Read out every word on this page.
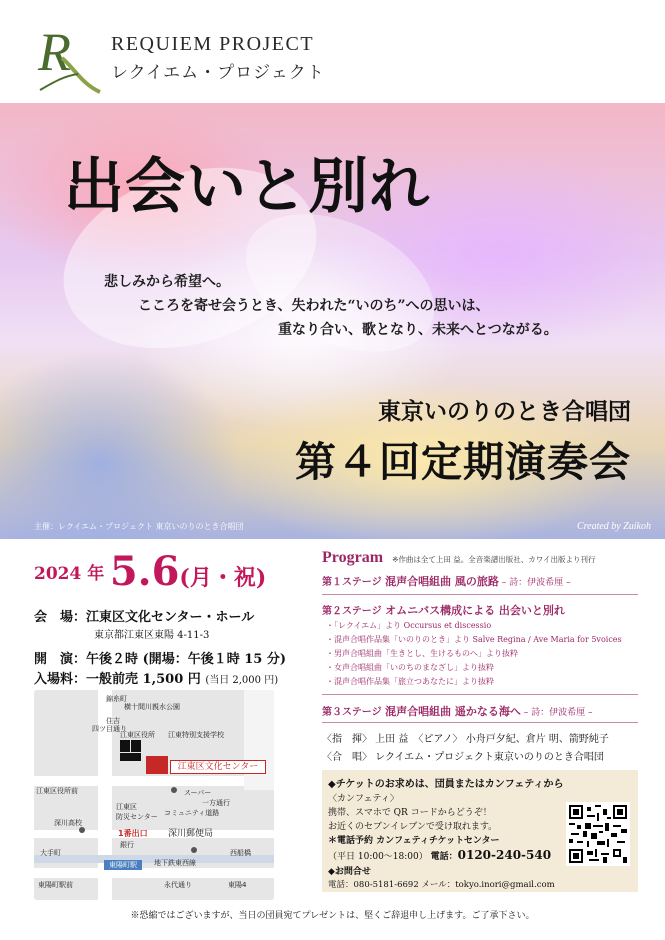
R REQUIEM PROJECT
レクイエム・プロジェクト
出会いと別れ
悲しみから希望へ。
こころを寄せ会うとき、失われた“いのち”への思いは、
重なり合い、歌となり、未来へとつながる。
東京いのりのとき合唱団
第４回定期演奏会
主催：レクイエム・プロジェクト 東京いのりのとき合唱団	Created by Zuikoh
2024 年 5.6(月・祝)
会　場：江東区文化センター・ホール
東京都江東区東陽 4-11-3
開　演：午後２時 (開場：午後１時 15 分)
入場料：一般前売 1,500 円 (当日 2,000 円)
横十間川親水公園
錦糸町
住吉
四ツ目通り
江東区役所 江東特別支援学校
江東区文化センター
江東区役所前	スーパー
一方通行
深川高校
江東区
防災センター コミュニティ道路
1番出口
銀行
深川郵便局
西船橋
大手町
東陽町駅	地下鉄東西線
永代通り
東陽町駅前	東陽4
Program ※作曲は全て上田 益。全音楽譜出版社、カワイ出版より刊行
第１ステージ 混声合唱組曲 風の旅路 – 詩：伊波希厘 –
第２ステージ オムニバス構成による 出会いと別れ
・「レクイエム」より Occursus et discessio
・混声合唱作品集「いのりのとき」より Salve Regina / Ave Maria for 5voices
・男声合唱組曲「生きとし、生けるものへ」より抜粋
・女声合唱組曲「いのちのまなざし」より抜粋
・混声合唱作品集「旅立つあなたに」より抜粋
第３ステージ 混声合唱組曲 遥かなる海へ – 詩：伊波希厘 –
〈指　揮〉 上田 益　〈ピアノ〉 小舟戸夕紀、倉片 明、箭野純子
〈合　唱〉 レクイエム・プロジェクト東京いのりのとき合唱団
◆チケットのお求めは、団員またはカンフェティから
〈カンフェティ〉
携帯、スマホで QR コードからどうぞ！
お近くのセブンイレブンで受け取れます。
＊電話予約 カンフェティチケットセンター
（平日 10:00～18:00） 電話：0120-240-540
◆お問合せ
電話：080-5181-6692 メール：tokyo.inori@gmail.com
※恐縮ではございますが、当日の団員宛てプレゼントは、堅くご辞退申し上げます。ご了承下さい。
